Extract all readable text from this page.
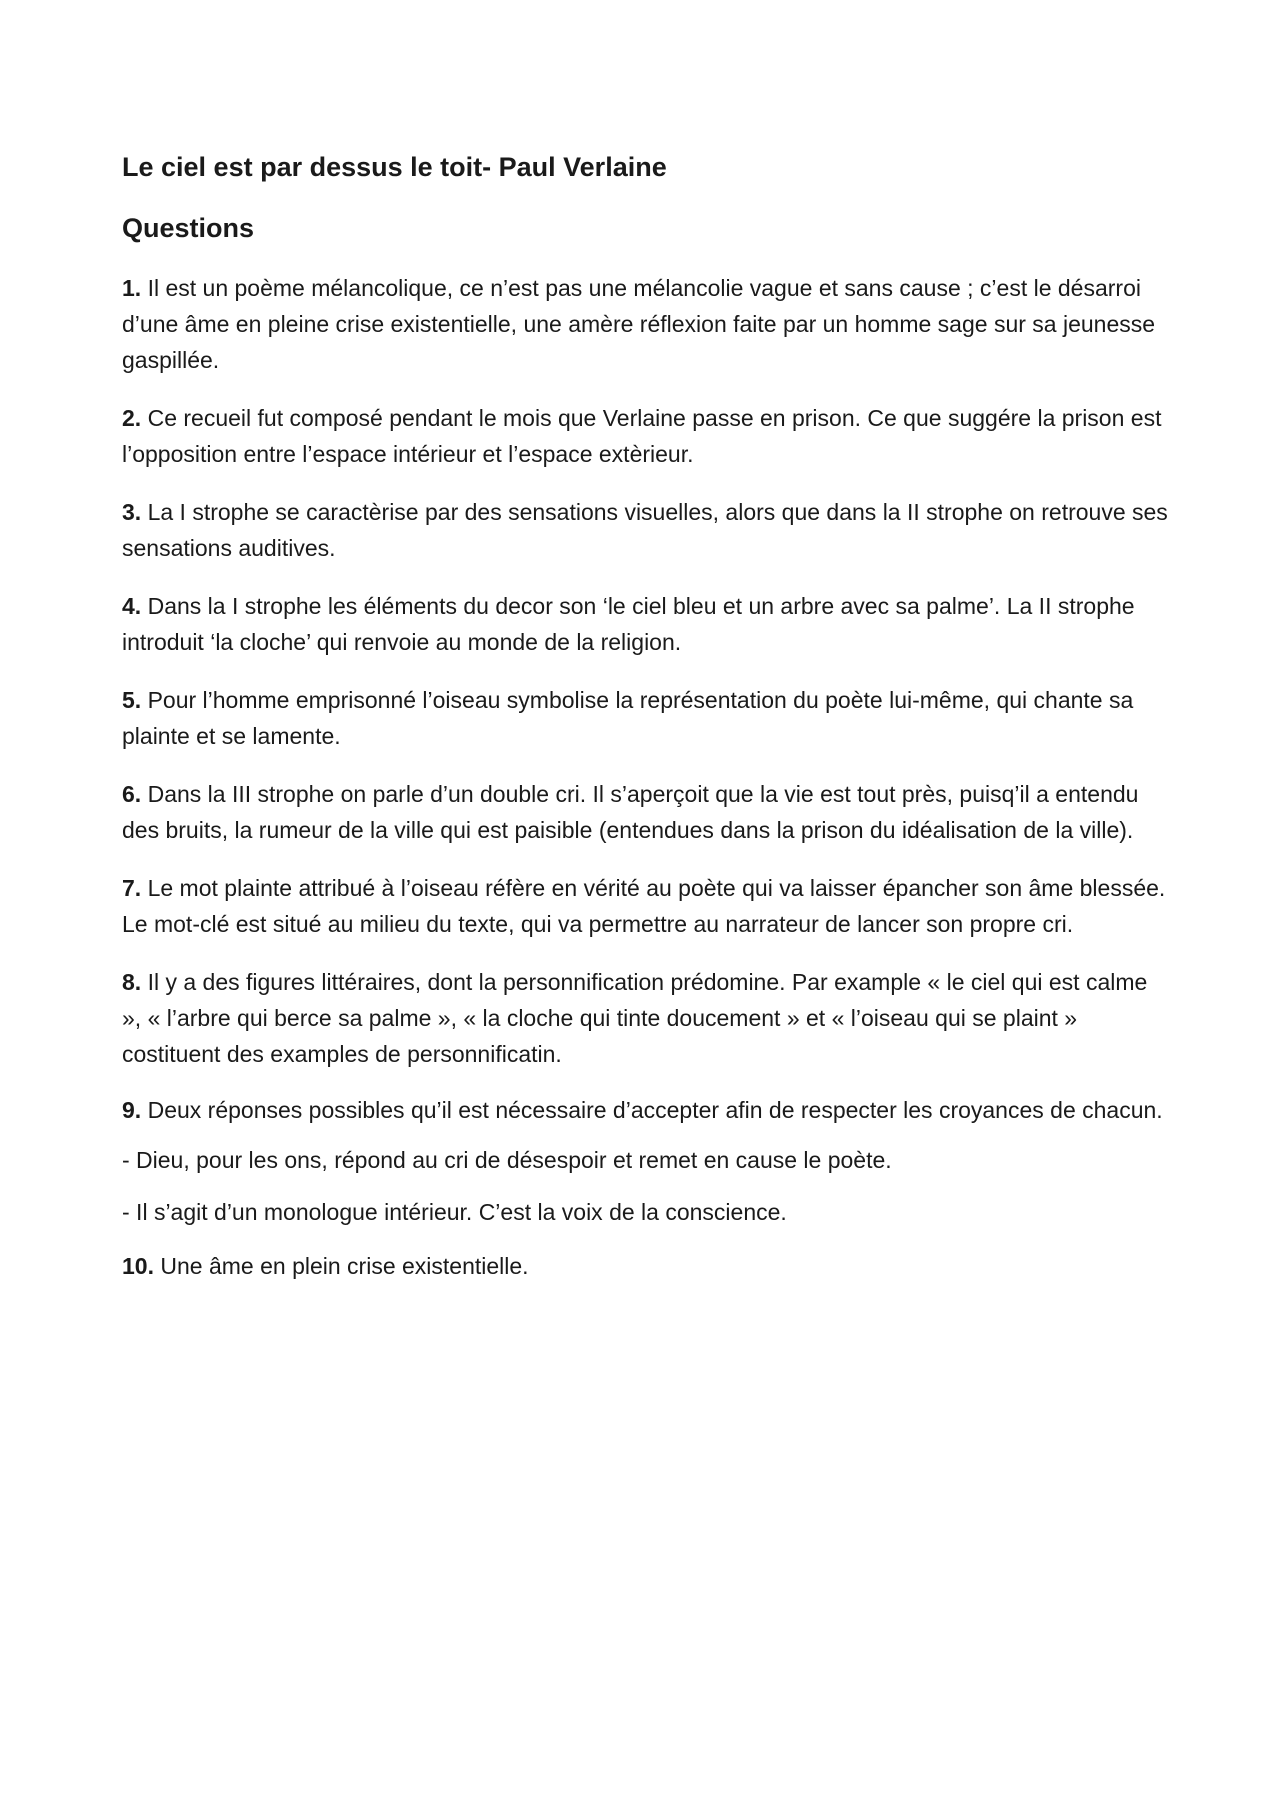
Le ciel est par dessus le toit- Paul Verlaine
Questions

1. Il est un poème mélancolique, ce n’est pas une mélancolie vague et sans cause ; c’est le désarroi d’une âme en pleine crise existentielle, une amère réflexion faite par un homme sage sur sa jeunesse gaspillée.

2. Ce recueil fut composé pendant le mois que Verlaine passe en prison. Ce que suggére la prison est l’opposition entre l’espace intérieur et l’espace extèrieur.

3. La I strophe se caractèrise par des sensations visuelles, alors que dans la II strophe on retrouve ses sensations auditives.

4. Dans la I strophe les éléments du decor son ‘le ciel bleu et un arbre avec sa palme’. La II strophe introduit ‘la cloche’ qui renvoie au monde de la religion.

5. Pour l’homme emprisonné l’oiseau symbolise la représentation du poète lui-même, qui chante sa plainte et se lamente.

6. Dans la III strophe on parle d’un double cri. Il s’aperçoit que la vie est tout près, puisq’il a entendu des bruits, la rumeur de la ville qui est paisible (entendues dans la prison du idéalisation de la ville).

7. Le mot plainte attribué à l’oiseau réfère en vérité au poète qui va laisser épancher son âme blessée. Le mot-clé est situé au milieu du texte, qui va permettre au narrateur de lancer son propre cri.

8. Il y a des figures littéraires, dont la personnification prédomine. Par example « le ciel qui est calme », « l’arbre qui berce sa palme », « la cloche qui tinte doucement » et « l’oiseau qui se plaint » costituent des examples de personnificatin.

9. Deux réponses possibles qu’il est nécessaire d’accepter afin de respecter les croyances de chacun.

- Dieu, pour les ons, répond au cri de désespoir et remet en cause le poète.

- Il s’agit d’un monologue intérieur. C’est la voix de la conscience.

10. Une âme en plein crise existentielle.
